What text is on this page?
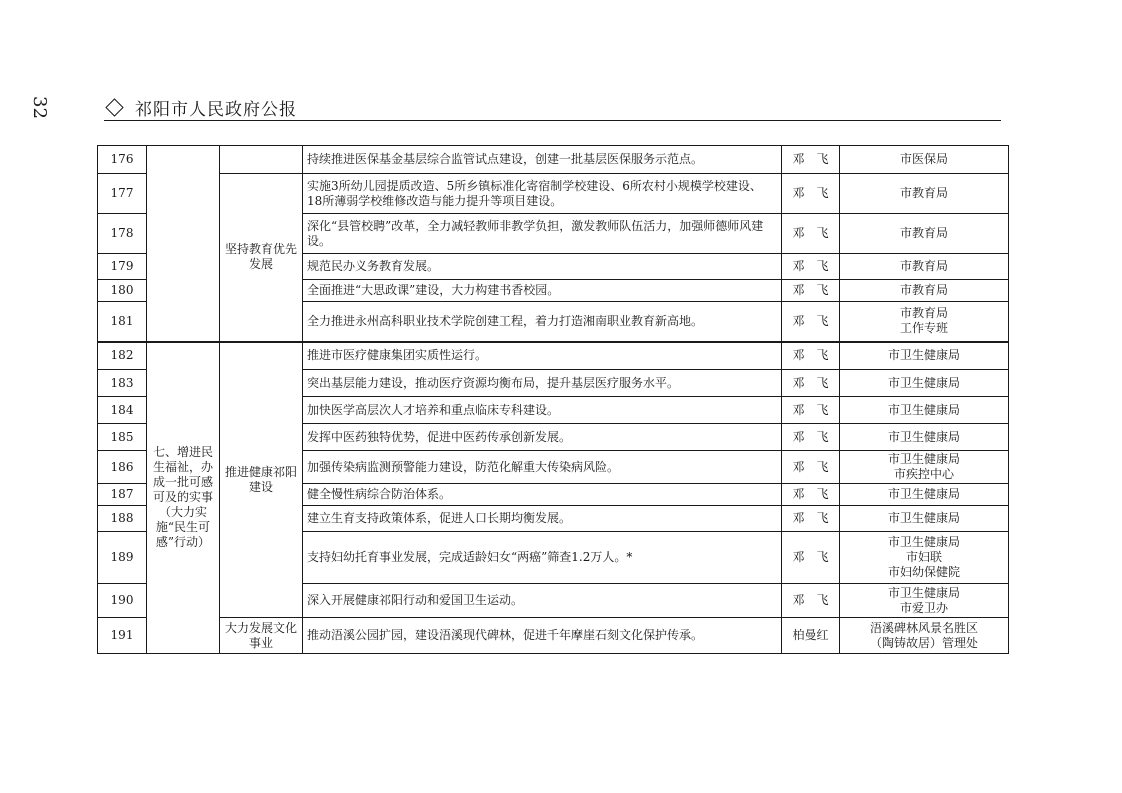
32	祁阳市人民政府公报
176			持续推进医保基金基层综合监管试点建设，创建一批基层医保服务示范点。	邓　飞	市医保局

177		坚持教育优先发展	实施3所幼儿园提质改造、5所乡镇标准化寄宿制学校建设、6所农村小规模学校建设、18所薄弱学校维修改造与能力提升等项目建设。	邓　飞	市教育局

178			深化“县管校聘”改革，全力减轻教师非教学负担，激发教师队伍活力，加强师德师风建设。	邓　飞	市教育局

179			规范民办义务教育发展。	邓　飞	市教育局

180			全面推进“大思政课”建设，大力构建书香校园。	邓　飞	市教育局

181			全力推进永州高科职业技术学院创建工程，着力打造湘南职业教育新高地。	邓　飞	市教育局
工作专班

182	七、增进民生福祉，办成一批可感可及的实事（大力实施“民生可感”行动）	推进健康祁阳建设	推进市医疗健康集团实质性运行。	邓　飞	市卫生健康局

183			突出基层能力建设，推动医疗资源均衡布局，提升基层医疗服务水平。	邓　飞	市卫生健康局

184			加快医学高层次人才培养和重点临床专科建设。	邓　飞	市卫生健康局

185			发挥中医药独特优势，促进中医药传承创新发展。	邓　飞	市卫生健康局

186			加强传染病监测预警能力建设，防范化解重大传染病风险。	邓　飞	市卫生健康局
市疾控中心

187			健全慢性病综合防治体系。	邓　飞	市卫生健康局

188			建立生育支持政策体系，促进人口长期均衡发展。	邓　飞	市卫生健康局

189			支持妇幼托育事业发展，完成适龄妇女“两癌”筛查1.2万人。*	邓　飞	市卫生健康局
市妇联
市妇幼保健院

190			深入开展健康祁阳行动和爱国卫生运动。	邓　飞	市卫生健康局
市爱卫办

191		大力发展文化事业	推动浯溪公园扩园，建设浯溪现代碑林，促进千年摩崖石刻文化保护传承。	柏曼红	浯溪碑林风景名胜区
（陶铸故居）管理处
